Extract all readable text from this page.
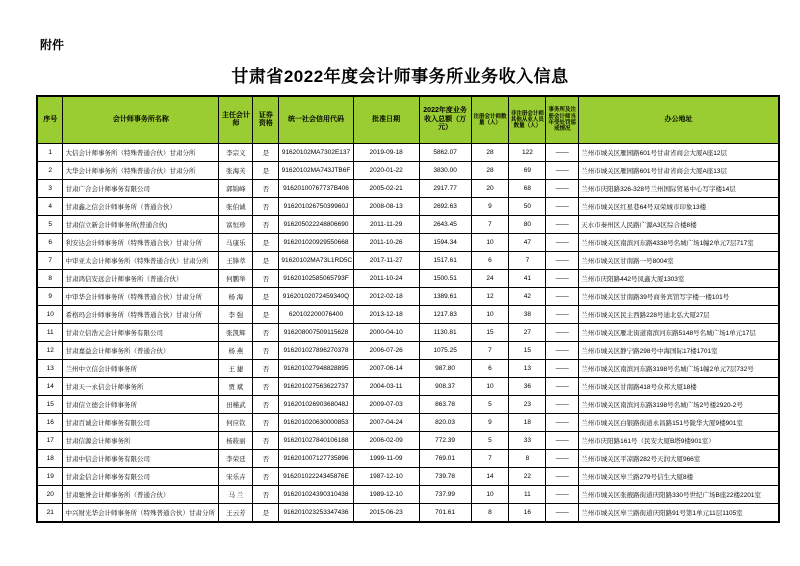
附件
甘肃省2022年度会计师事务所业务收入信息
序号	会计师事务所名称	主任会计师	证券资格	统一社会信用代码	批准日期	2022年度业务收入总额（万元）	注册会计师数量（人）	非注册会计师其他从业人员数量（人）	事务所及注册会计师当年受处罚惩戒情况	办公地址
1	大信会计师事务所（特殊普通合伙）甘肃分所	李宗义	是	91620102MA7302E137	2019-09-18	5862.07	28	122	——	兰州市城关区雁园路601号甘肃省商会大厦A座12层
2	大华会计师事务所（特殊普通合伙）甘肃分所	张海芙	是	91620102MA743JTB6F	2020-01-22	3830.00	28	69	——	兰州市城关区雁园路601号甘肃省商会大厦A座13层
3	甘肃广合会计师事务有限公司	郭锦峰	否	91620100767737B406	2005-02-21	2917.77	20	68	——	兰州市庆阳路326-328号兰州国际贸易中心写字楼14层
4	甘肃鑫之信会计师事务所（普通合伙）	张伯诚	否	91620102675039960J	2008-08-13	2692.63	9	50	——	兰州市城关区红星巷64号双荣城市印象13楼
5	甘肃信立新会计师事务所(普通合伙)	富恒珍	否	916205022248806690	2011-11-29	2643.45	7	80	——	天水市秦州区人民路广源A3区综合楼8楼
6	利安达会计师事务所（特殊普通合伙）甘肃分所	马康乐	是	916201020929550668	2011-10-26	1594.34	10	47	——	兰州市城关区南滨河东路4338号名城广场1幢2单元7层717室
7	中审亚太会计师事务所（特殊普通合伙）甘肃分所	王锋萃	是	91620102MA73L1RD5C	2017-11-27	1517.61	6	7	——	兰州市城关区甘南路一号8004室
8	甘肃鸿信安远会计师事务所（普通合伙）	何鹏举	否	91620102585065793F	2011-10-24	1500.51	24	41	——	兰州市庆阳路442号凤鑫大厦1303室
9	中审华会计师事务所（特殊普通合伙）甘肃分所	杨 海	是	91620102072459340Q	2012-02-18	1389.61	12	42	——	兰州市城关区甘南路39号商务宾馆写字楼一楼101号
10	希格玛会计师事务所（特殊普通合伙）甘肃分所	李 强	是	620102200076400	2013-12-18	1217.83	10	38	——	兰州市城关区民主西路228号迪北弘大厦27层
11	甘肃立信浩元会计师事务有限公司	张凯辉	否	916208007509115628	2000-04-10	1130.81	15	27	——	兰州市城关区雁北街道南滨河东路5148号名城广场1单元17层
12	甘肃嘉益会计师事务所（普通合伙）	杨 燕	否	916201027896270378	2006-07-26	1075.25	7	15	——	兰州市城关区静宁路298号中海国际17楼1701室
13	兰州中立信会计师事务所	王 捷	否	916201027948828895	2007-06-14	987.80	6	13	——	兰州市城关区南滨河东路3198号名城广场1幢2单元7层732号
14	甘肃天一永信会计师事务所	贾 斌	否	916201027563622737	2004-03-11	908.37	10	36	——	兰州市城关区甘南路418号众邦大厦18楼
15	甘肃信立德会计师事务所	田槿武	否	91620102690368048J	2009-07-03	863.78	5	23	——	兰州市城关区南滨河东路3198号名城广场2号楼2920-2号
16	甘肃百诚会计师事务有限公司	何应钦	否	916201020630000853	2007-04-24	820.03	9	18	——	兰州市城关区白银路街道永昌路151号陇华大厦9楼901室
17	甘肃信源会计师事务所	杨筱丽	否	916201027840106188	2006-02-09	772.39	5	33	——	兰州市庆阳路161号（民安大厦B塔9楼901室）
18	甘肃中信会计师事务有限公司	李荣廷	否	916201007127735896	1999-11-09	769.01	7	8	——	兰州市城关区平凉路282号天润大厦966室
19	甘肃金信会计师事务有限公司	宋乐卉	否	91620102224345876E	1987-12-10	739.78	14	22	——	兰州市城关区皋兰路279号信生大厦8楼
20	甘肃驰誉会计师事务所（普通合伙）	马 兰	否	916201024390310438	1989-12-10	737.99	10	11	——	兰州市城关区张掖路街道庆阳路330号世纪广场B座22楼2201室
21	中兴财光华会计师事务所（特殊普通合伙）甘肃分所	王云芳	是	916201023253347436	2015-06-23	701.61	8	16	——	兰州市城关区皋兰路街道庆阳路91号第1单元11层1105室
